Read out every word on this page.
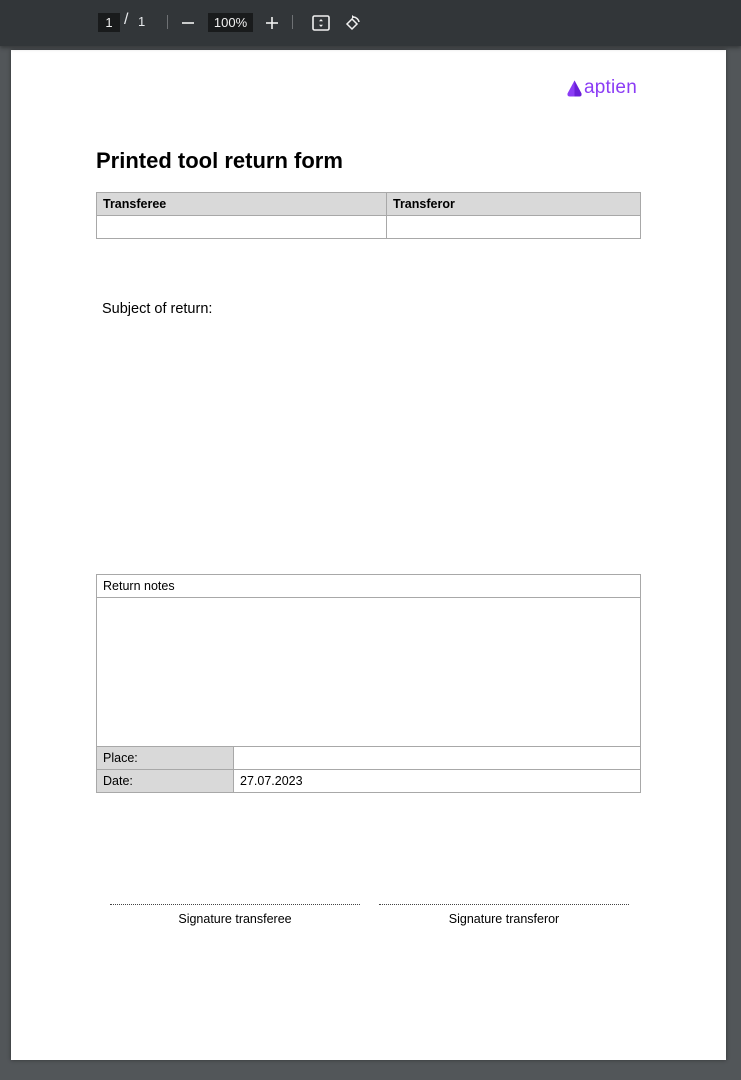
1 / 1	100%
aptien
Printed tool return form
Transferee	Transferor

Subject of return:
Return notes	

Place:	
Date:	27.07.2023
Signature transferee	Signature transferor
